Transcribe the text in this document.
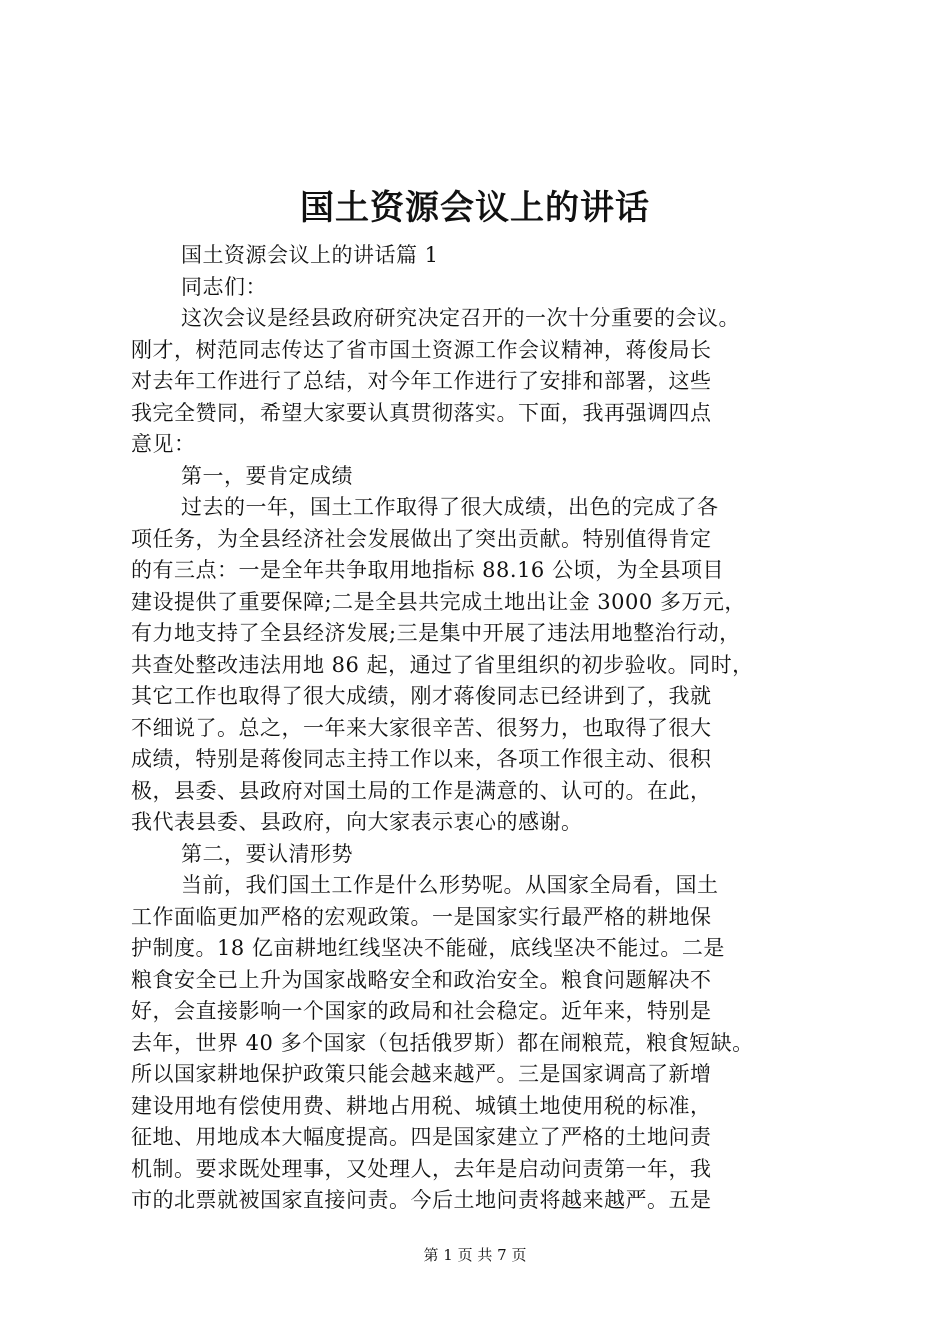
国土资源会议上的讲话
国土资源会议上的讲话篇 1
同志们：
这次会议是经县政府研究决定召开的一次十分重要的会议。
刚才，树范同志传达了省市国土资源工作会议精神，蒋俊局长
对去年工作进行了总结，对今年工作进行了安排和部署，这些
我完全赞同，希望大家要认真贯彻落实。下面，我再强调四点
意见：
第一，要肯定成绩
过去的一年，国土工作取得了很大成绩，出色的完成了各
项任务，为全县经济社会发展做出了突出贡献。特别值得肯定
的有三点：一是全年共争取用地指标 88.16 公顷，为全县项目
建设提供了重要保障;二是全县共完成土地出让金 3000 多万元，
有力地支持了全县经济发展;三是集中开展了违法用地整治行动，
共查处整改违法用地 86 起，通过了省里组织的初步验收。同时，
其它工作也取得了很大成绩，刚才蒋俊同志已经讲到了，我就
不细说了。总之，一年来大家很辛苦、很努力，也取得了很大
成绩，特别是蒋俊同志主持工作以来，各项工作很主动、很积
极，县委、县政府对国土局的工作是满意的、认可的。在此，
我代表县委、县政府，向大家表示衷心的感谢。
第二，要认清形势
当前，我们国土工作是什么形势呢。从国家全局看，国土
工作面临更加严格的宏观政策。一是国家实行最严格的耕地保
护制度。18 亿亩耕地红线坚决不能碰，底线坚决不能过。二是
粮食安全已上升为国家战略安全和政治安全。粮食问题解决不
好，会直接影响一个国家的政局和社会稳定。近年来，特别是
去年，世界 40 多个国家（包括俄罗斯）都在闹粮荒，粮食短缺。
所以国家耕地保护政策只能会越来越严。三是国家调高了新增
建设用地有偿使用费、耕地占用税、城镇土地使用税的标准，
征地、用地成本大幅度提高。四是国家建立了严格的土地问责
机制。要求既处理事，又处理人，去年是启动问责第一年，我
市的北票就被国家直接问责。今后土地问责将越来越严。五是
第 1 页 共 7 页
